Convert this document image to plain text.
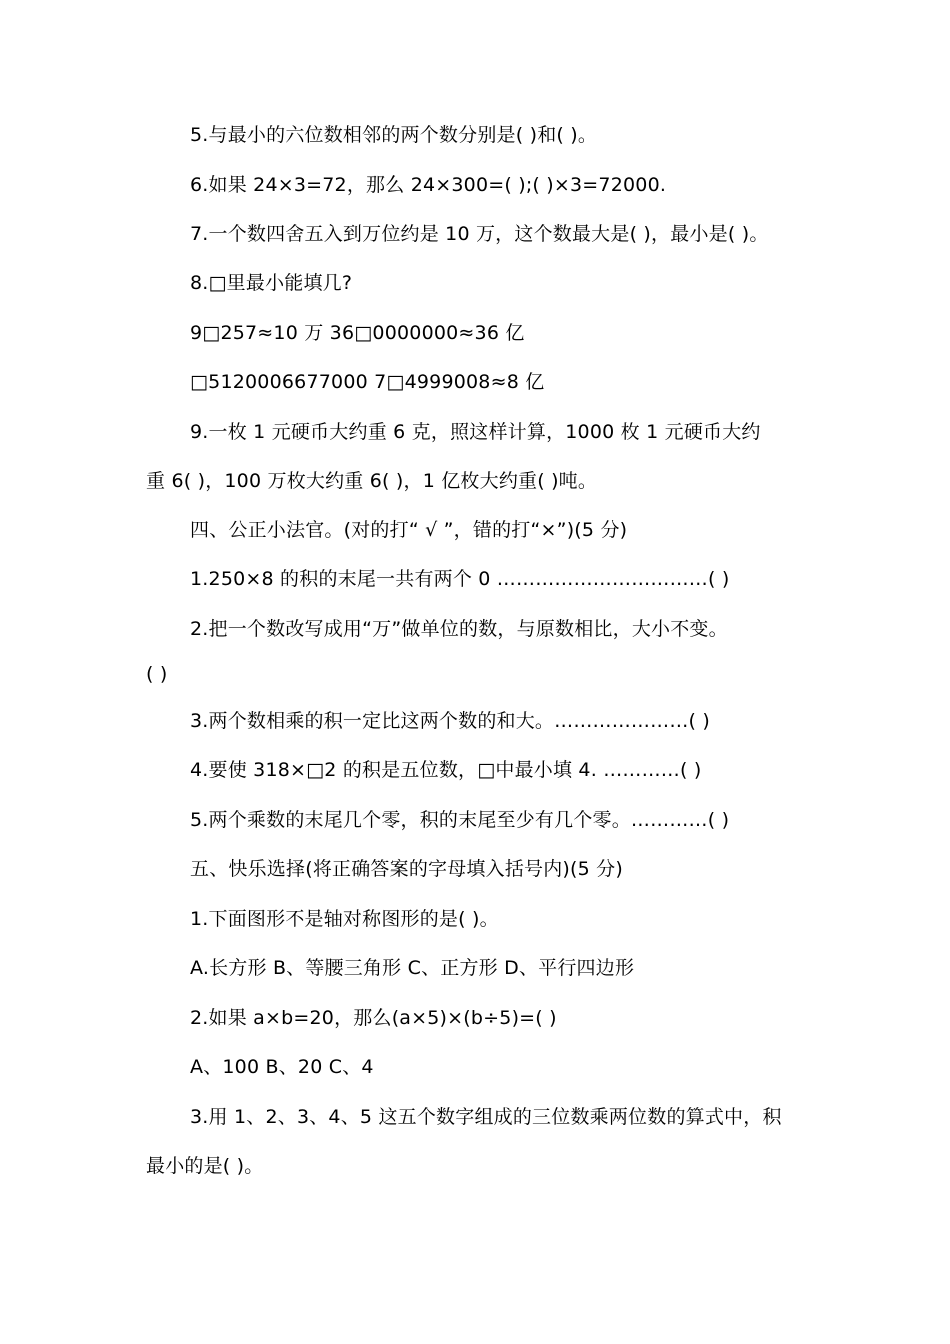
5.与最小的六位数相邻的两个数分别是( )和( )。
6.如果 24×3=72，那么 24×300=( );( )×3=72000.
7.一个数四舍五入到万位约是 10 万，这个数最大是( )，最小是( )。
8.□里最小能填几?
9□257≈10 万 36□0000000≈36 亿
□5120006677000 7□4999008≈8 亿
9.一枚 1 元硬币大约重 6 克，照这样计算，1000 枚 1 元硬币大约
重 6( )，100 万枚大约重 6( )，1 亿枚大约重( )吨。
四、公正小法官。(对的打“ √ ”，错的打“×”)(5 分)
1.250×8 的积的末尾一共有两个 0 ……………………………( )
2.把一个数改写成用“万”做单位的数，与原数相比，大小不变。
( )
3.两个数相乘的积一定比这两个数的和大。…………………( )
4.要使 318×□2 的积是五位数，□中最小填 4. …………( )
5.两个乘数的末尾几个零，积的末尾至少有几个零。…………( )
五、快乐选择(将正确答案的字母填入括号内)(5 分)
1.下面图形不是轴对称图形的是( )。
A.长方形 B、等腰三角形 C、正方形 D、平行四边形
2.如果 a×b=20，那么(a×5)×(b÷5)=( )
A、100 B、20 C、4
3.用 1、2、3、4、5 这五个数字组成的三位数乘两位数的算式中，积
最小的是( )。
